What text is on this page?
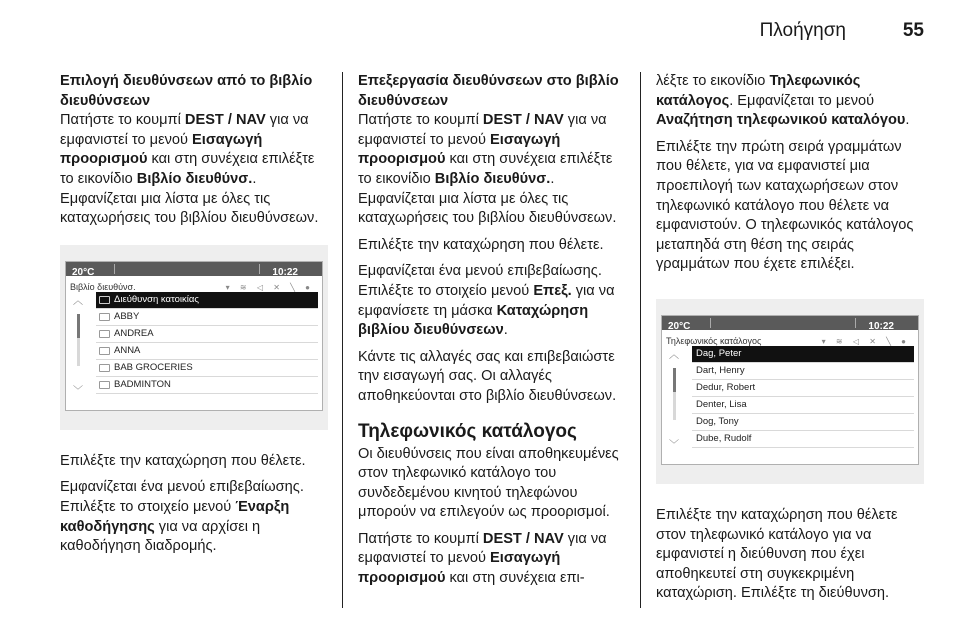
Πλοήγηση	55
Επιλογή διευθύνσεων από το βιβλίο διευθύνσεων
Πατήστε το κουμπί DEST / NAV για να εμφανιστεί το μενού Εισαγωγή προορισμού και στη συνέχεια επιλέξτε το εικονίδιο Βιβλίο διευθύνσ.. Εμφανίζεται μια λίστα με όλες τις καταχωρήσεις του βιβλίου διευθύνσεων.
20°C	10:22
Βιβλίο διευθύνσ.	▾ ≋ ◁ ✕ ╲ ●
︿
﹀
Διεύθυνση κατοικίας
ABBY
ANDREA
ANNA
BAB GROCERIES
BADMINTON
Επιλέξτε την καταχώρηση που θέλετε.
Εμφανίζεται ένα μενού επιβεβαίωσης. Επιλέξτε το στοιχείο μενού Έναρξη καθοδήγησης για να αρχίσει η καθοδήγηση διαδρομής.
Επεξεργασία διευθύνσεων στο βιβλίο διευθύνσεων
Πατήστε το κουμπί DEST / NAV για να εμφανιστεί το μενού Εισαγωγή προορισμού και στη συνέχεια επιλέξτε το εικονίδιο Βιβλίο διευθύνσ.. Εμφανίζεται μια λίστα με όλες τις καταχωρήσεις του βιβλίου διευθύνσεων.
Επιλέξτε την καταχώρηση που θέλετε.
Εμφανίζεται ένα μενού επιβεβαίωσης. Επιλέξτε το στοιχείο μενού Επεξ. για να εμφανίσετε τη μάσκα Καταχώρηση βιβλίου διευθύνσεων.
Κάντε τις αλλαγές σας και επιβεβαιώστε την εισαγωγή σας. Οι αλλαγές αποθηκεύονται στο βιβλίο διευθύνσεων.
Τηλεφωνικός κατάλογος
Οι διευθύνσεις που είναι αποθηκευμένες στον τηλεφωνικό κατάλογο του συνδεδεμένου κινητού τηλεφώνου μπορούν να επιλεγούν ως προορισμοί.
Πατήστε το κουμπί DEST / NAV για να εμφανιστεί το μενού Εισαγωγή προορισμού και στη συνέχεια επι-
λέξτε το εικονίδιο Τηλεφωνικός κατάλογος. Εμφανίζεται το μενού Αναζήτηση τηλεφωνικού καταλόγου.
Επιλέξτε την πρώτη σειρά γραμμάτων που θέλετε, για να εμφανιστεί μια προεπιλογή των καταχωρήσεων στον τηλεφωνικό κατάλογο που θέλετε να εμφανιστούν. Ο τηλεφωνικός κατάλογος μεταπηδά στη θέση της σειράς γραμμάτων που έχετε επιλέξει.
20°C	10:22
Τηλεφωνικός κατάλογος	▾ ≋ ◁ ✕ ╲ ●
︿
﹀
Dag, Peter
Dart, Henry
Dedur, Robert
Denter, Lisa
Dog, Tony
Dube, Rudolf
Επιλέξτε την καταχώρηση που θέλετε στον τηλεφωνικό κατάλογο για να εμφανιστεί η διεύθυνση που έχει αποθηκευτεί στη συγκεκριμένη καταχώριση. Επιλέξτε τη διεύθυνση.
